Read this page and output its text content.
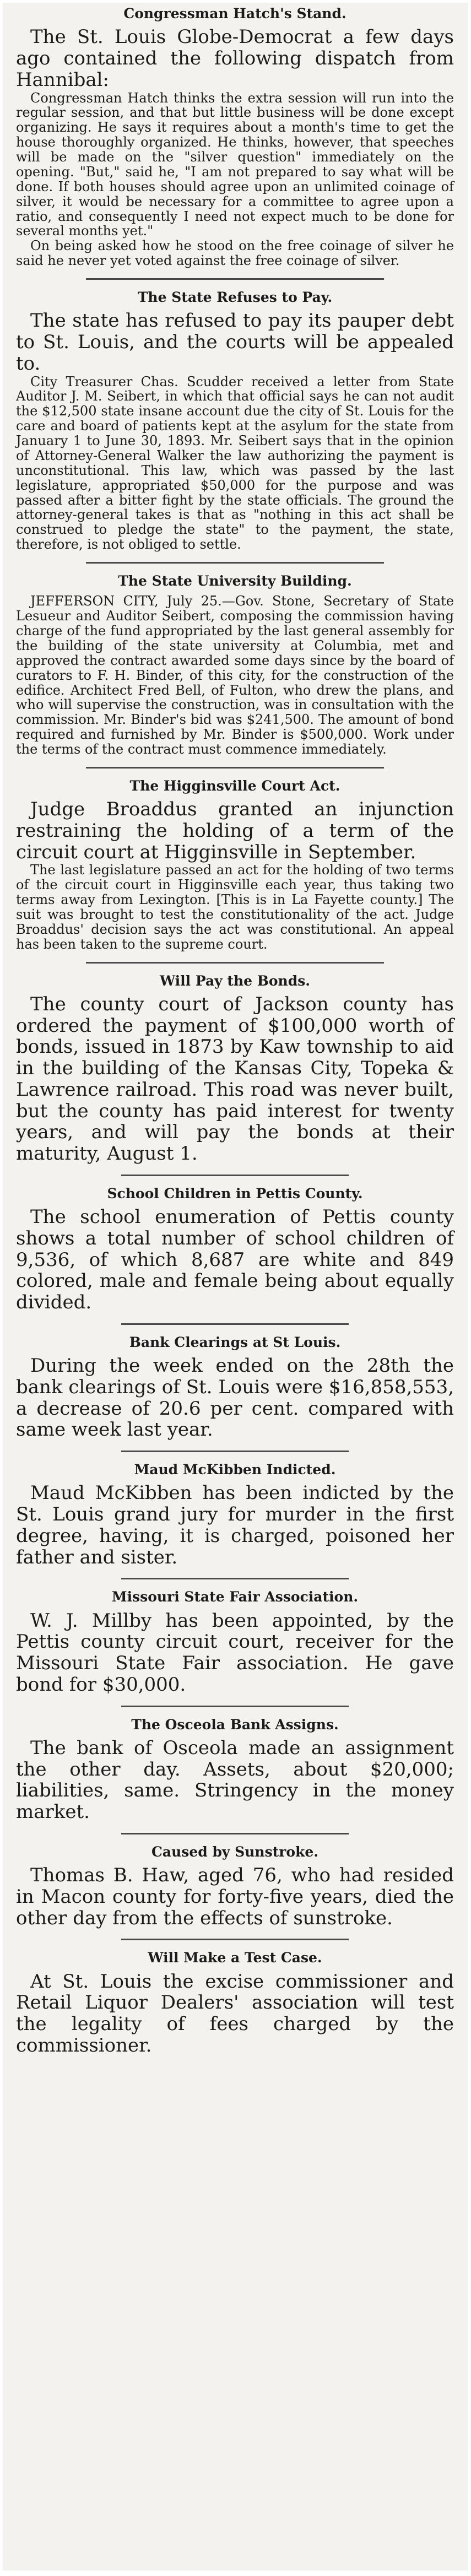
Congressman Hatch's Stand.

The St. Louis Globe-Democrat a few days ago contained the following dispatch from Hannibal:

Congressman Hatch thinks the extra session will run into the regular session, and that but little business will be done except organizing. He says it requires about a month's time to get the house thoroughly organized. He thinks, however, that speeches will be made on the "silver question" immediately on the opening. "But," said he, "I am not prepared to say what will be done. If both houses should agree upon an unlimited coinage of silver, it would be necessary for a committee to agree upon a ratio, and consequently I need not expect much to be done for several months yet."

On being asked how he stood on the free coinage of silver he said he never yet voted against the free coinage of silver.

The State Refuses to Pay.

The state has refused to pay its pauper debt to St. Louis, and the courts will be appealed to.

City Treasurer Chas. Scudder received a letter from State Auditor J. M. Seibert, in which that official says he can not audit the $12,500 state insane account due the city of St. Louis for the care and board of patients kept at the asylum for the state from January 1 to June 30, 1893. Mr. Seibert says that in the opinion of Attorney-General Walker the law authorizing the payment is unconstitutional. This law, which was passed by the last legislature, appropriated $50,000 for the purpose and was passed after a bitter fight by the state officials. The ground the attorney-general takes is that as "nothing in this act shall be construed to pledge the state" to the payment, the state, therefore, is not obliged to settle.

The State University Building.

JEFFERSON CITY, July 25.—Gov. Stone, Secretary of State Lesueur and Auditor Seibert, composing the commission having charge of the fund appropriated by the last general assembly for the building of the state university at Columbia, met and approved the contract awarded some days since by the board of curators to F. H. Binder, of this city, for the construction of the edifice. Architect Fred Bell, of Fulton, who drew the plans, and who will supervise the construction, was in consultation with the commission. Mr. Binder's bid was $241,500. The amount of bond required and furnished by Mr. Binder is $500,000. Work under the terms of the contract must commence immediately.

The Higginsville Court Act.

Judge Broaddus granted an injunction restraining the holding of a term of the circuit court at Higginsville in September.

The last legislature passed an act for the holding of two terms of the circuit court in Higginsville each year, thus taking two terms away from Lexington. [This is in La Fayette county.] The suit was brought to test the constitutionality of the act. Judge Broaddus' decision says the act was constitutional. An appeal has been taken to the supreme court.

Will Pay the Bonds.

The county court of Jackson county has ordered the payment of $100,000 worth of bonds, issued in 1873 by Kaw township to aid in the building of the Kansas City, Topeka & Lawrence railroad. This road was never built, but the county has paid interest for twenty years, and will pay the bonds at their maturity, August 1.

School Children in Pettis County.

The school enumeration of Pettis county shows a total number of school children of 9,536, of which 8,687 are white and 849 colored, male and female being about equally divided.

Bank Clearings at St Louis.

During the week ended on the 28th the bank clearings of St. Louis were $16,858,553, a decrease of 20.6 per cent. compared with same week last year.

Maud McKibben Indicted.

Maud McKibben has been indicted by the St. Louis grand jury for murder in the first degree, having, it is charged, poisoned her father and sister.

Missouri State Fair Association.

W. J. Millby has been appointed, by the Pettis county circuit court, receiver for the Missouri State Fair association. He gave bond for $30,000.

The Osceola Bank Assigns.

The bank of Osceola made an assignment the other day. Assets, about $20,000; liabilities, same. Stringency in the money market.

Caused by Sunstroke.

Thomas B. Haw, aged 76, who had resided in Macon county for forty-five years, died the other day from the effects of sunstroke.

Will Make a Test Case.

At St. Louis the excise commissioner and Retail Liquor Dealers' association will test the legality of fees charged by the commissioner.
